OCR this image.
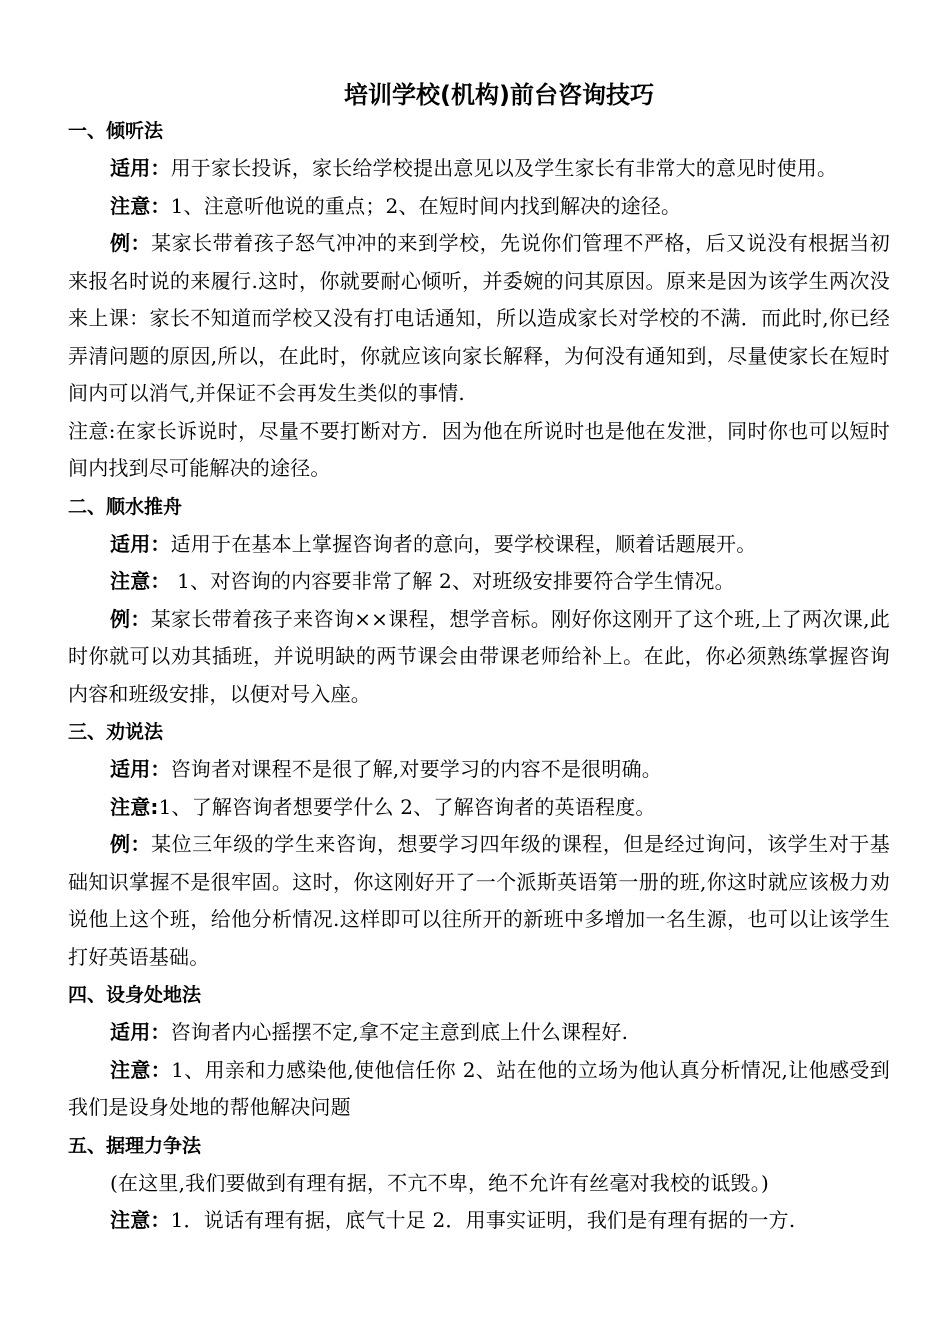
培训学校(机构)前台咨询技巧
一、倾听法
适用：用于家长投诉，家长给学校提出意见以及学生家长有非常大的意见时使用。
注意：1、注意听他说的重点；2、在短时间内找到解决的途径。
例：某家长带着孩子怒气冲冲的来到学校，先说你们管理不严格，后又说没有根据当初来报名时说的来履行.这时，你就要耐心倾听，并委婉的问其原因。原来是因为该学生两次没来上课：家长不知道而学校又没有打电话通知，所以造成家长对学校的不满．而此时,你已经弄清问题的原因,所以，在此时，你就应该向家长解释，为何没有通知到，尽量使家长在短时间内可以消气,并保证不会再发生类似的事情.
注意:在家长诉说时，尽量不要打断对方．因为他在所说时也是他在发泄，同时你也可以短时间内找到尽可能解决的途径。
二、顺水推舟
适用：适用于在基本上掌握咨询者的意向，要学校课程，顺着话题展开。
注意： 1、对咨询的内容要非常了解 2、对班级安排要符合学生情况。
例：某家长带着孩子来咨询××课程，想学音标。刚好你这刚开了这个班,上了两次课,此时你就可以劝其插班，并说明缺的两节课会由带课老师给补上。在此，你必须熟练掌握咨询内容和班级安排，以便对号入座。
三、劝说法
适用：咨询者对课程不是很了解,对要学习的内容不是很明确。
注意:1、了解咨询者想要学什么 2、了解咨询者的英语程度。
例：某位三年级的学生来咨询，想要学习四年级的课程，但是经过询问，该学生对于基础知识掌握不是很牢固。这时，你这刚好开了一个派斯英语第一册的班,你这时就应该极力劝说他上这个班，给他分析情况.这样即可以往所开的新班中多增加一名生源，也可以让该学生打好英语基础。
四、设身处地法
适用：咨询者内心摇摆不定,拿不定主意到底上什么课程好.
注意：1、用亲和力感染他,使他信任你 2、站在他的立场为他认真分析情况,让他感受到我们是设身处地的帮他解决问题
五、据理力争法
(在这里,我们要做到有理有据，不亢不卑，绝不允许有丝毫对我校的诋毁。)
注意：1．说话有理有据，底气十足 2．用事实证明，我们是有理有据的一方.
